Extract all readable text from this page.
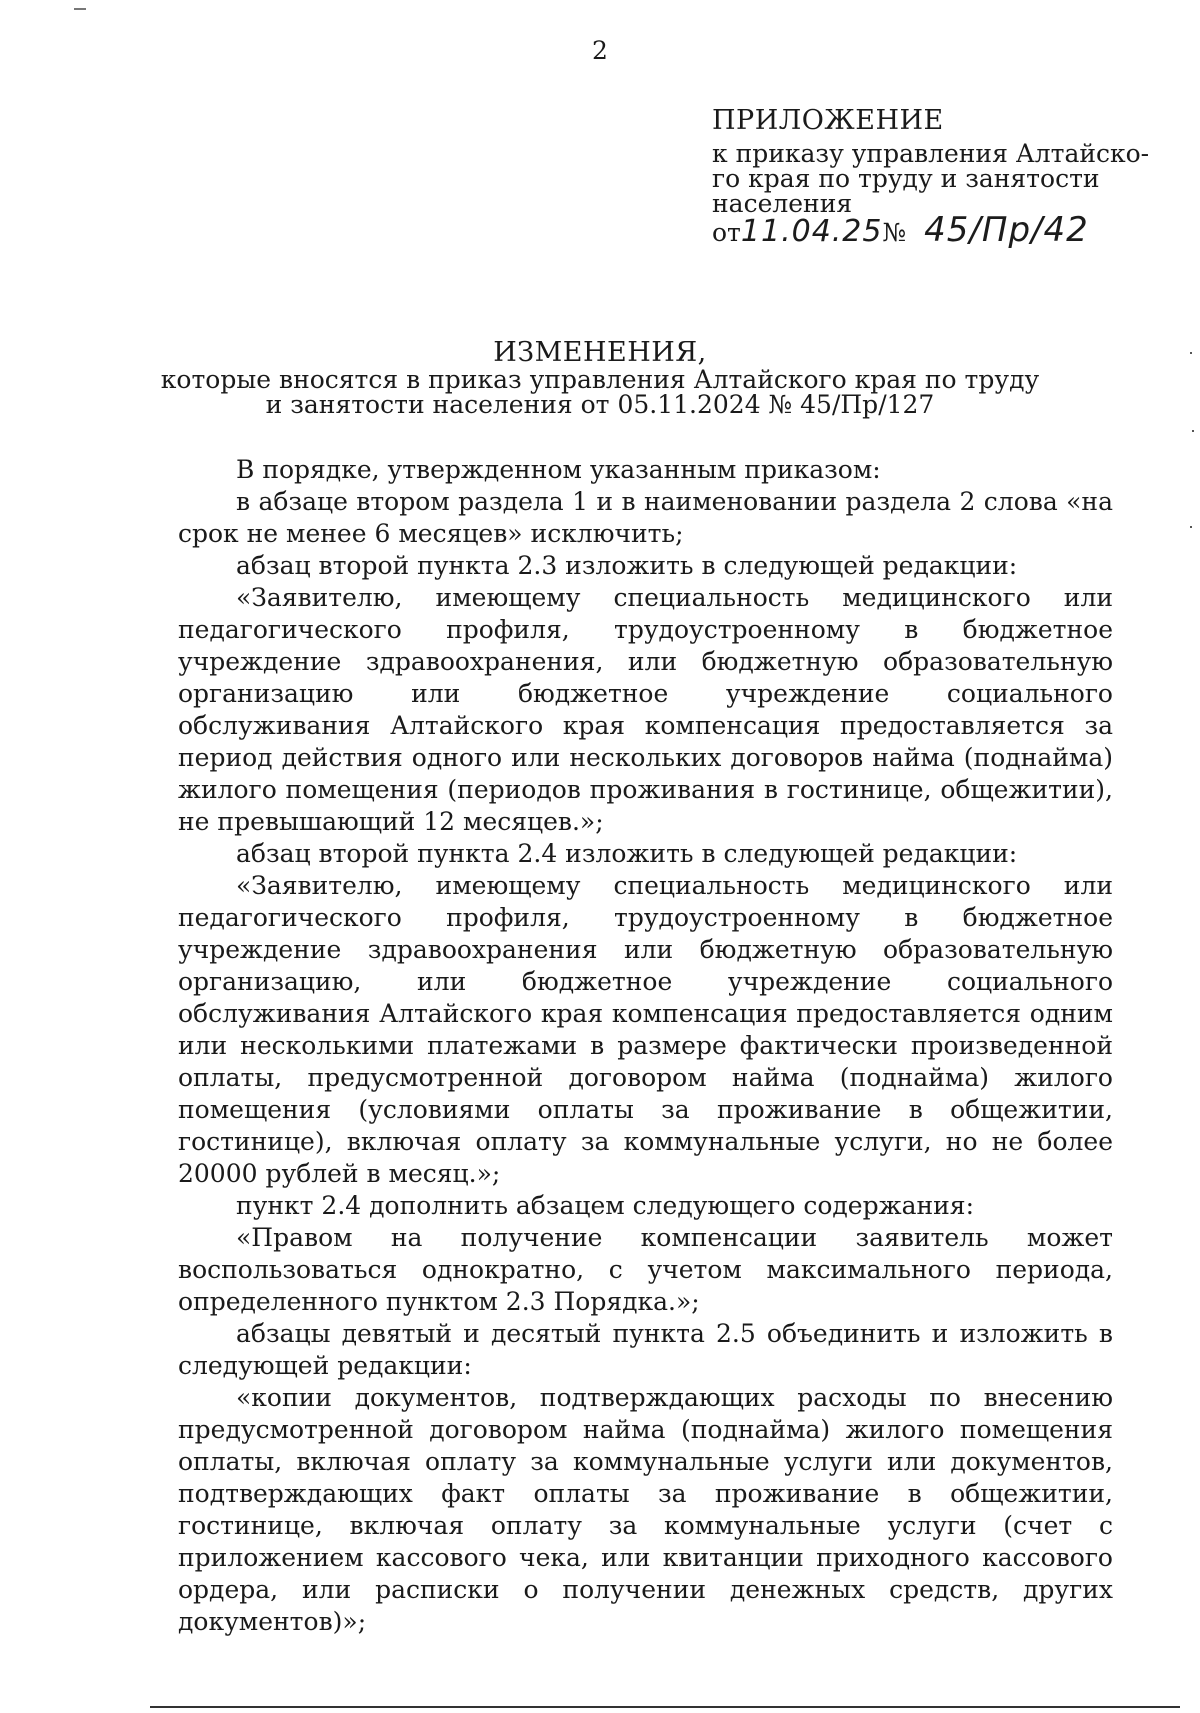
2
ПРИЛОЖЕНИЕ
к приказу управления Алтайско-
го края по труду и занятости
населения
от11.04.25№ 45/Пр/42
ИЗМЕНЕНИЯ,
которые вносятся в приказ управления Алтайского края по труду
и занятости населения от 05.11.2024 № 45/Пр/127

В порядке, утвержденном указанным приказом:

в абзаце втором раздела 1 и в наименовании раздела 2 слова «на срок не менее 6 месяцев» исключить;

абзац второй пункта 2.3 изложить в следующей редакции:

«Заявителю, имеющему специальность медицинского или педагогического профиля, трудоустроенному в бюджетное учреждение здравоохранения, или бюджетную образовательную организацию или бюджетное учреждение социального обслуживания Алтайского края компенсация предоставляется за период действия одного или нескольких договоров найма (поднайма) жилого помещения (периодов проживания в гостинице, общежитии), не превышающий 12 месяцев.»;

абзац второй пункта 2.4 изложить в следующей редакции:

«Заявителю, имеющему специальность медицинского или педагогического профиля, трудоустроенному в бюджетное учреждение здравоохранения или бюджетную образовательную организацию, или бюджетное учреждение социального обслуживания Алтайского края компенсация предоставляется одним или несколькими платежами в размере фактически произведенной оплаты, предусмотренной договором найма (поднайма) жилого помещения (условиями оплаты за проживание в общежитии, гостинице), включая оплату за коммунальные услуги, но не более 20000 рублей в месяц.»;

пункт 2.4 дополнить абзацем следующего содержания:

«Правом на получение компенсации заявитель может воспользоваться однократно, с учетом максимального периода, определенного пунктом 2.3 Порядка.»;

абзацы девятый и десятый пункта 2.5 объединить и изложить в следующей редакции:

«копии документов, подтверждающих расходы по внесению предусмотренной договором найма (поднайма) жилого помещения оплаты, включая оплату за коммунальные услуги или документов, подтверждающих факт оплаты за проживание в общежитии, гостинице, включая оплату за коммунальные услуги (счет с приложением кассового чека, или квитанции приходного кассового ордера, или расписки о получении денежных средств, других документов)»;
